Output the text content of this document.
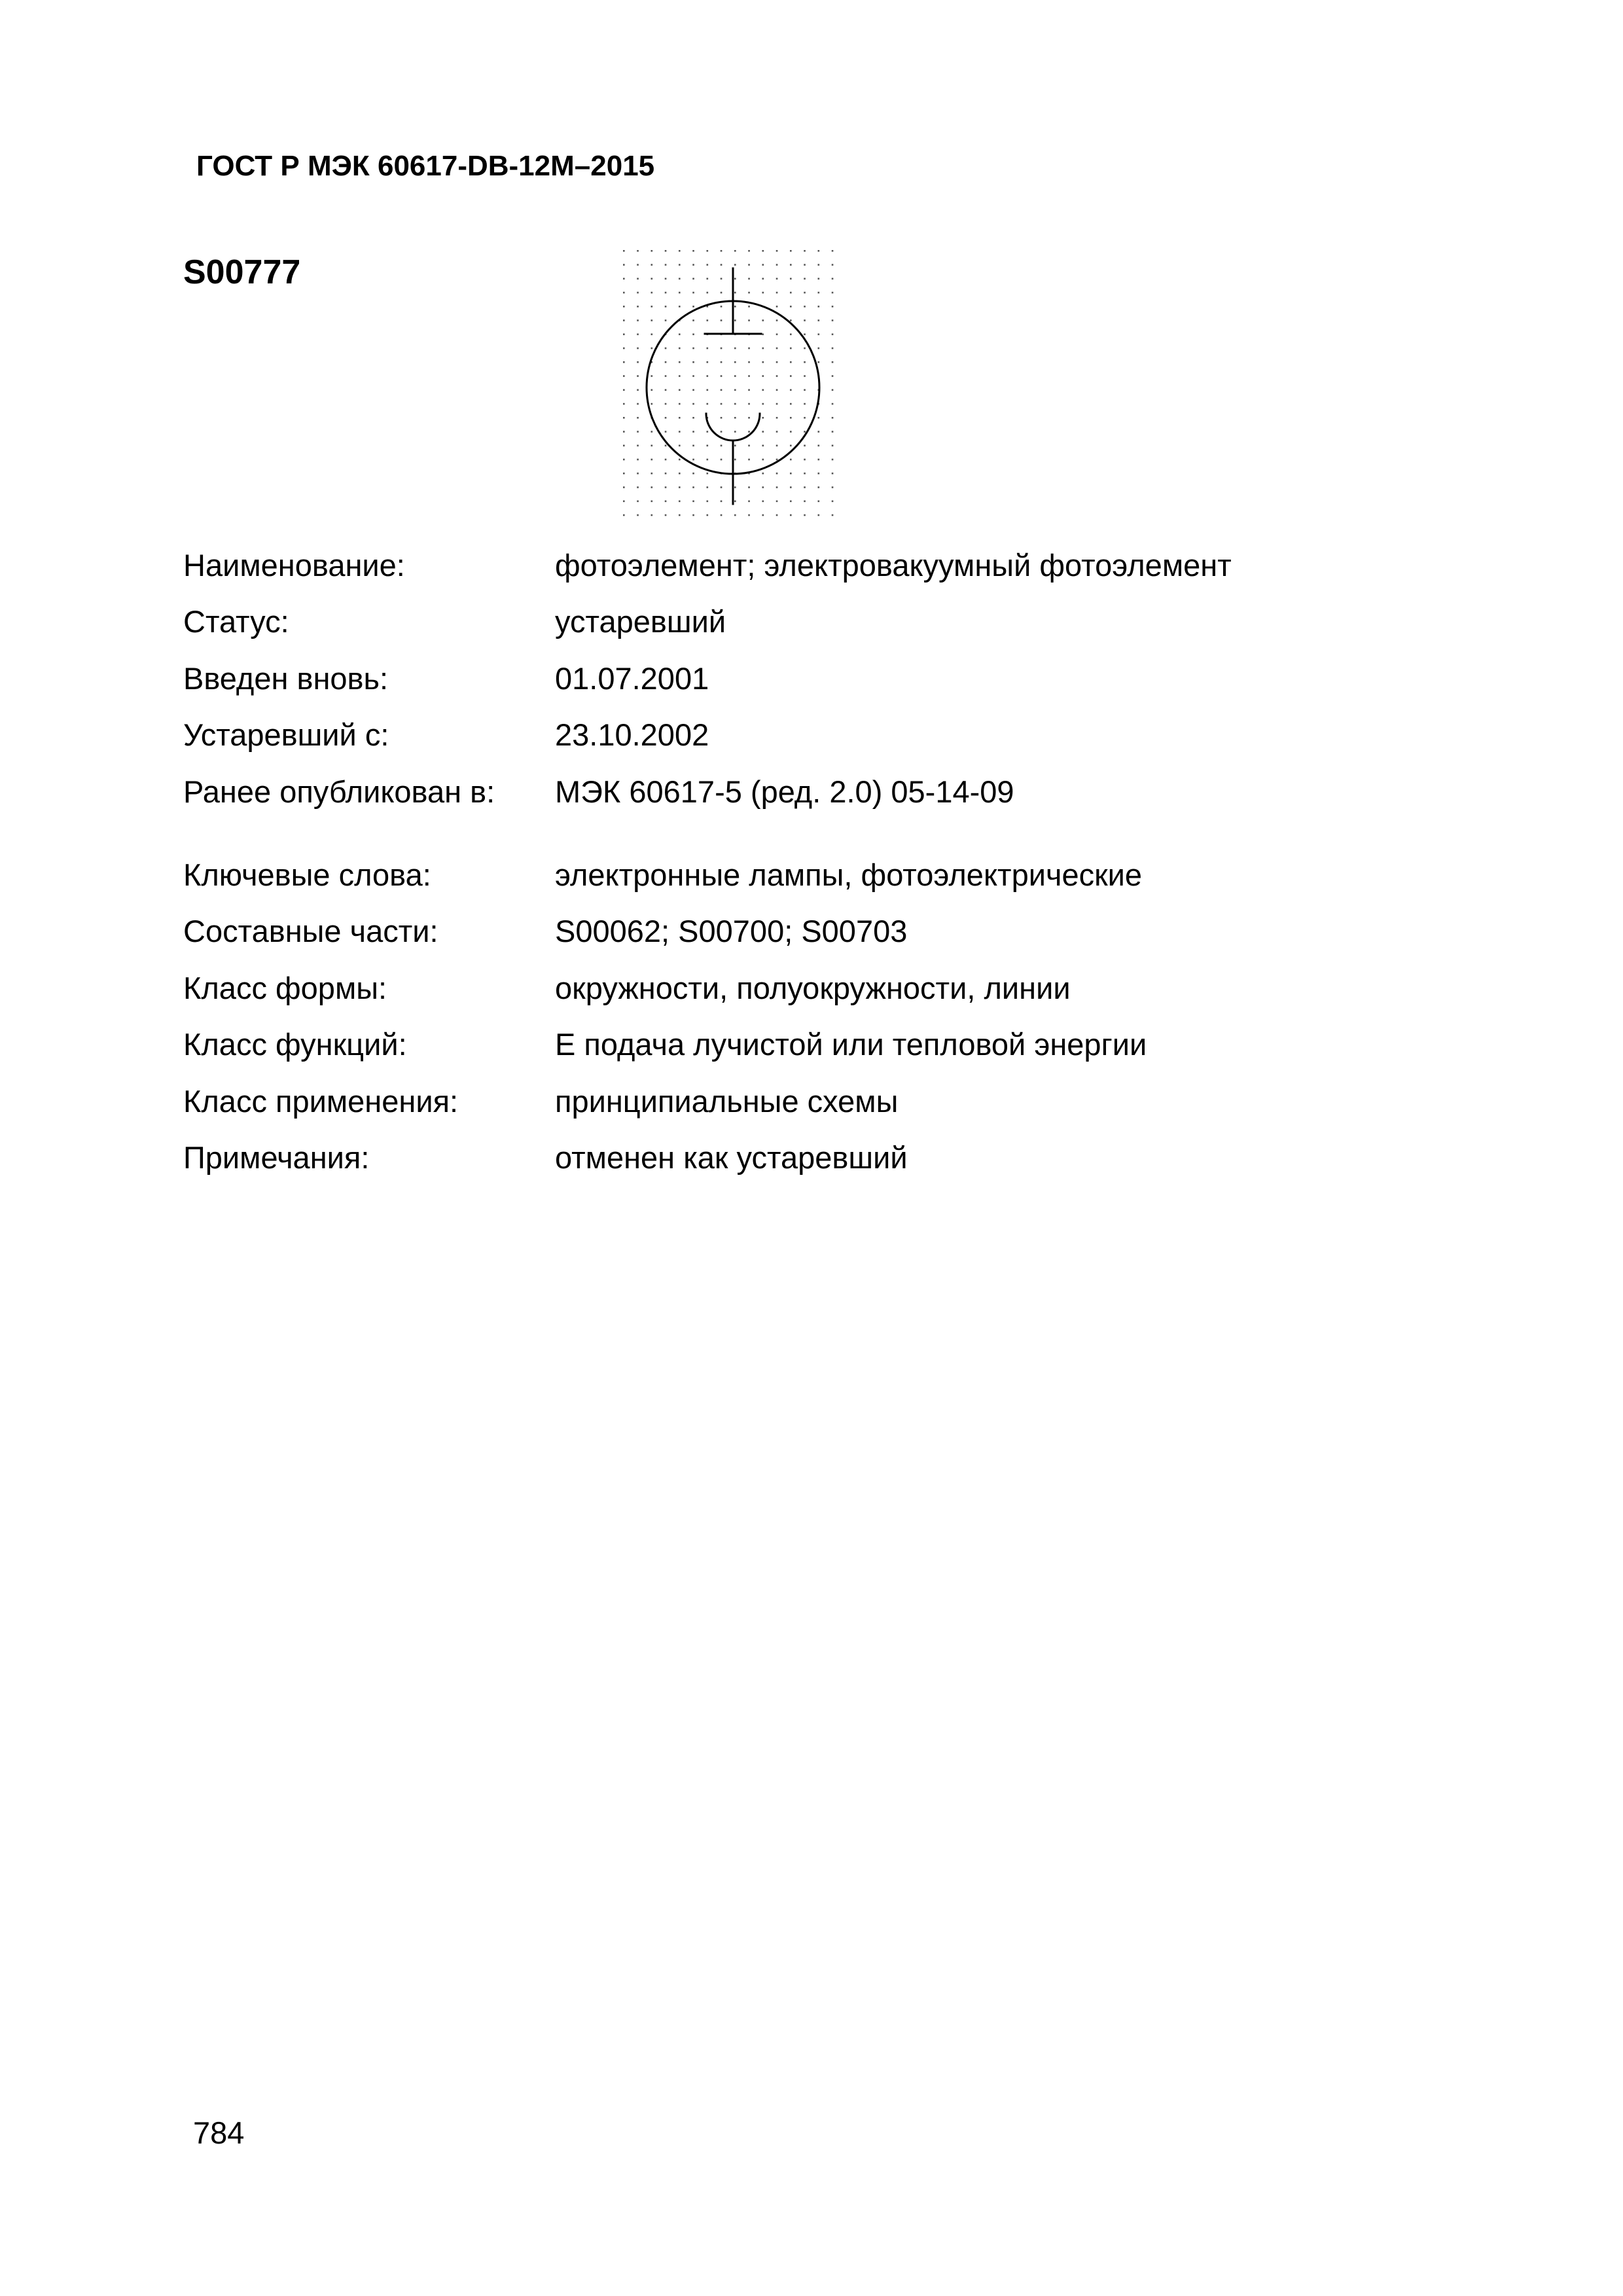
ГОСТ Р МЭК 60617-DB-12M–2015
S00777
Наименование:	фотоэлемент; электровакуумный фотоэлемент
Статус:	устаревший
Введен вновь:	01.07.2001
Устаревший с:	23.10.2002
Ранее опубликован в:	МЭК 60617-5 (ред. 2.0) 05-14-09
Ключевые слова:	электронные лампы, фотоэлектрические
Составные части:	S00062; S00700; S00703
Класс формы:	окружности, полуокружности, линии
Класс функций:	Е подача лучистой или тепловой энергии
Класс применения:	принципиальные схемы
Примечания:	отменен как устаревший
784
